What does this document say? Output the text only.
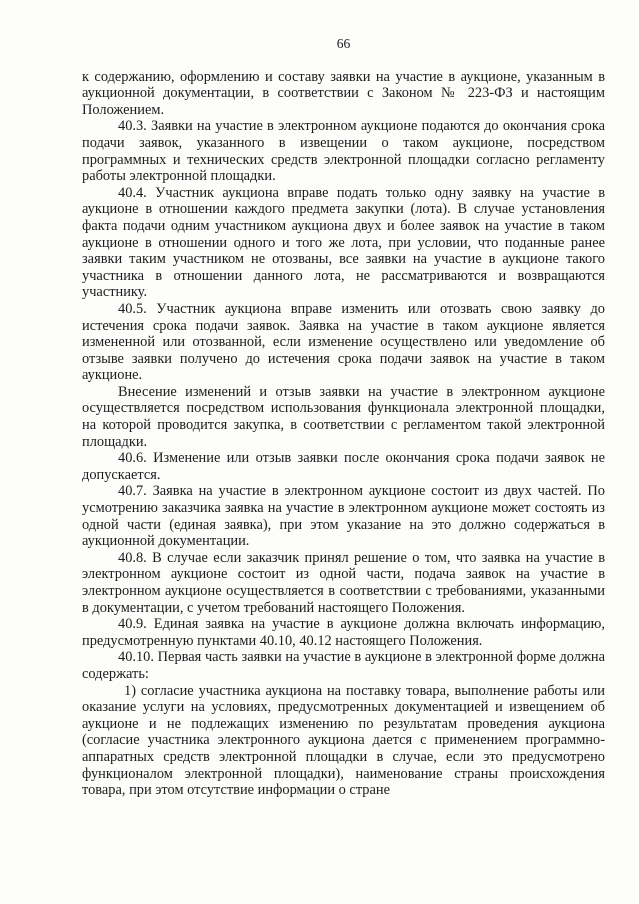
66

к содержанию, оформлению и составу заявки на участие в аукционе, указанным в аукционной документации, в соответствии с Законом № 223-ФЗ и настоящим Положением.

40.3. Заявки на участие в электронном аукционе подаются до окончания срока подачи заявок, указанного в извещении о таком аукционе, посредством программных и технических средств электронной площадки согласно регламенту работы электронной площадки.

40.4. Участник аукциона вправе подать только одну заявку на участие в аукционе в отношении каждого предмета закупки (лота). В случае установления факта подачи одним участником аукциона двух и более заявок на участие в таком аукционе в отношении одного и того же лота, при условии, что поданные ранее заявки таким участником не отозваны, все заявки на участие в аукционе такого участника в отношении данного лота, не рассматриваются и возвращаются участнику.

40.5. Участник аукциона вправе изменить или отозвать свою заявку до истечения срока подачи заявок. Заявка на участие в таком аукционе является измененной или отозванной, если изменение осуществлено или уведомление об отзыве заявки получено до истечения срока подачи заявок на участие в таком аукционе.

Внесение изменений и отзыв заявки на участие в электронном аукционе осуществляется посредством использования функционала электронной площадки, на которой проводится закупка, в соответствии с регламентом такой электронной площадки.

40.6. Изменение или отзыв заявки после окончания срока подачи заявок не допускается.

40.7. Заявка на участие в электронном аукционе состоит из двух частей. По усмотрению заказчика заявка на участие в электронном аукционе может состоять из одной части (единая заявка), при этом указание на это должно содержаться в аукционной документации.

40.8. В случае если заказчик принял решение о том, что заявка на участие в электронном аукционе состоит из одной части, подача заявок на участие в электронном аукционе осуществляется в соответствии с требованиями, указанными в документации, с учетом требований настоящего Положения.

40.9. Единая заявка на участие в аукционе должна включать информацию, предусмотренную пунктами 40.10, 40.12 настоящего Положения.

40.10. Первая часть заявки на участие в аукционе в электронной форме должна содержать:

1) согласие участника аукциона на поставку товара, выполнение работы или оказание услуги на условиях, предусмотренных документацией и извещением об аукционе и не подлежащих изменению по результатам проведения аукциона (согласие участника электронного аукциона дается с применением программно-аппаратных средств электронной площадки в случае, если это предусмотрено функционалом электронной площадки), наименование страны происхождения товара, при этом отсутствие информации о стране
